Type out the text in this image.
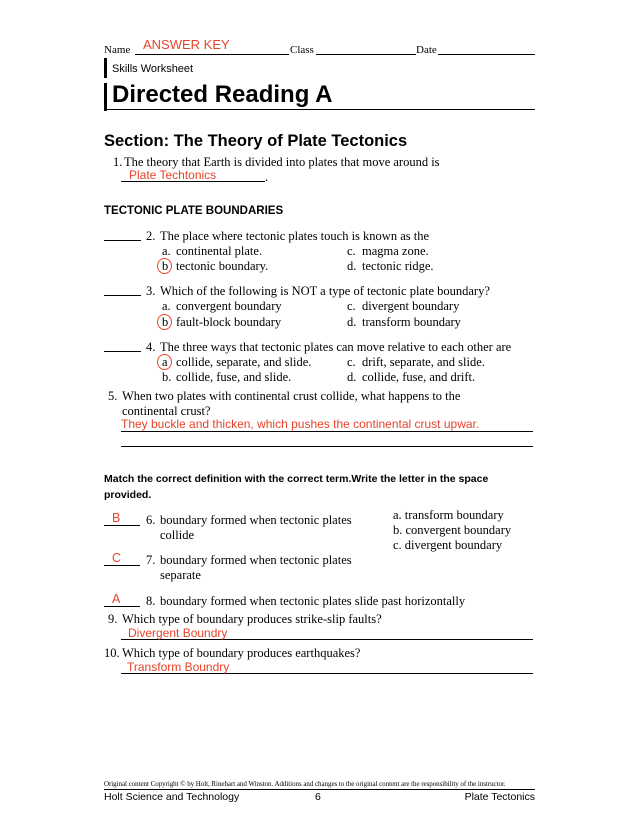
Name ANSWER KEY	Class	Date
Skills Worksheet
Directed Reading A
Section: The Theory of Plate Tectonics
1. The theory that Earth is divided into plates that move around is
Plate Techtonics	.
TECTONIC PLATE BOUNDARIES
2. The place where tectonic plates touch is known as the
a. continental plate.
b tectonic boundary.
c. magma zone.
d. tectonic ridge.
3. Which of the following is NOT a type of tectonic plate boundary?
a. convergent boundary
b fault-block boundary
c. divergent boundary
d. transform boundary
4. The three ways that tectonic plates can move relative to each other are
a collide, separate, and slide.
b. collide, fuse, and slide.
c. drift, separate, and slide.
d. collide, fuse, and drift.
5. When two plates with continental crust collide, what happens to the
continental crust?
They buckle and thicken, which pushes the continental crust upwar.
Match the correct definition with the correct term.Write the letter in the space
provided.
a. transform boundary
b. convergent boundary
c. divergent boundary
B 6. boundary formed when tectonic plates
collide
C 7. boundary formed when tectonic plates
separate
A 8. boundary formed when tectonic plates slide past horizontally
9. Which type of boundary produces strike-slip faults?
Divergent Boundry
10. Which type of boundary produces earthquakes?
Transform Boundry
Original content Copyright © by Holt, Rinehart and Winston. Additions and changes to the original content are the responsibility of the instructor.
Holt Science and Technology	6	Plate Tectonics
